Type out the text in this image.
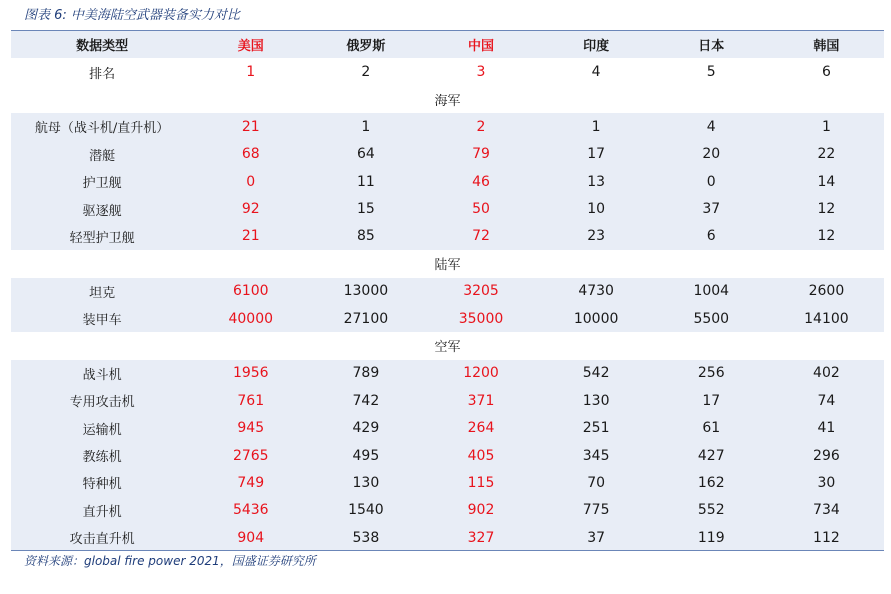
图表 6: 中美海陆空武器装备实力对比
数据类型	美国	俄罗斯	中国	印度	日本	韩国
排名	1	2	3	4	5	6
海军						
航母（战斗机/直升机）	21	1	2	1	4	1
潜艇	68	64	79	17	20	22
护卫舰	0	11	46	13	0	14
驱逐舰	92	15	50	10	37	12
轻型护卫舰	21	85	72	23	6	12
陆军						
坦克	6100	13000	3205	4730	1004	2600
装甲车	40000	27100	35000	10000	5500	14100
空军						
战斗机	1956	789	1200	542	256	402
专用攻击机	761	742	371	130	17	74
运输机	945	429	264	251	61	41
教练机	2765	495	405	345	427	296
特种机	749	130	115	70	162	30
直升机	5436	1540	902	775	552	734
攻击直升机	904	538	327	37	119	112
资料来源：global fire power 2021，国盛证券研究所
